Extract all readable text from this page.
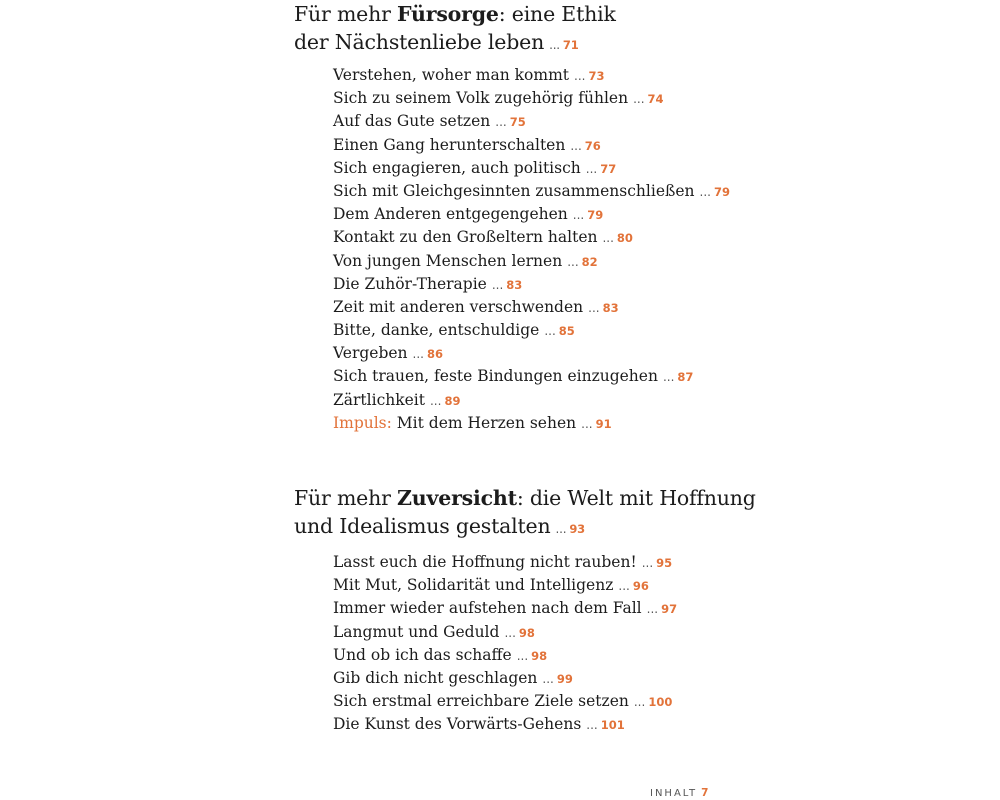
Für mehr Fürsorge: eine Ethik
der Nächstenliebe leben ... 71
Verstehen, woher man kommt ... 73
Sich zu seinem Volk zugehörig fühlen ... 74
Auf das Gute setzen ... 75
Einen Gang herunterschalten ... 76
Sich engagieren, auch politisch ... 77
Sich mit Gleichgesinnten zusammenschließen ... 79
Dem Anderen entgegengehen ... 79
Kontakt zu den Großeltern halten ... 80
Von jungen Menschen lernen ... 82
Die Zuhör-Therapie ... 83
Zeit mit anderen verschwenden ... 83
Bitte, danke, entschuldige ... 85
Vergeben ... 86
Sich trauen, feste Bindungen einzugehen ... 87
Zärtlichkeit ... 89
Impuls: Mit dem Herzen sehen ... 91
Für mehr Zuversicht: die Welt mit Hoffnung
und Idealismus gestalten ... 93
Lasst euch die Hoffnung nicht rauben! ... 95
Mit Mut, Solidarität und Intelligenz ... 96
Immer wieder aufstehen nach dem Fall ... 97
Langmut und Geduld ... 98
Und ob ich das schaffe ... 98
Gib dich nicht geschlagen ... 99
Sich erstmal erreichbare Ziele setzen ... 100
Die Kunst des Vorwärts-Gehens ... 101
INHALT 7
